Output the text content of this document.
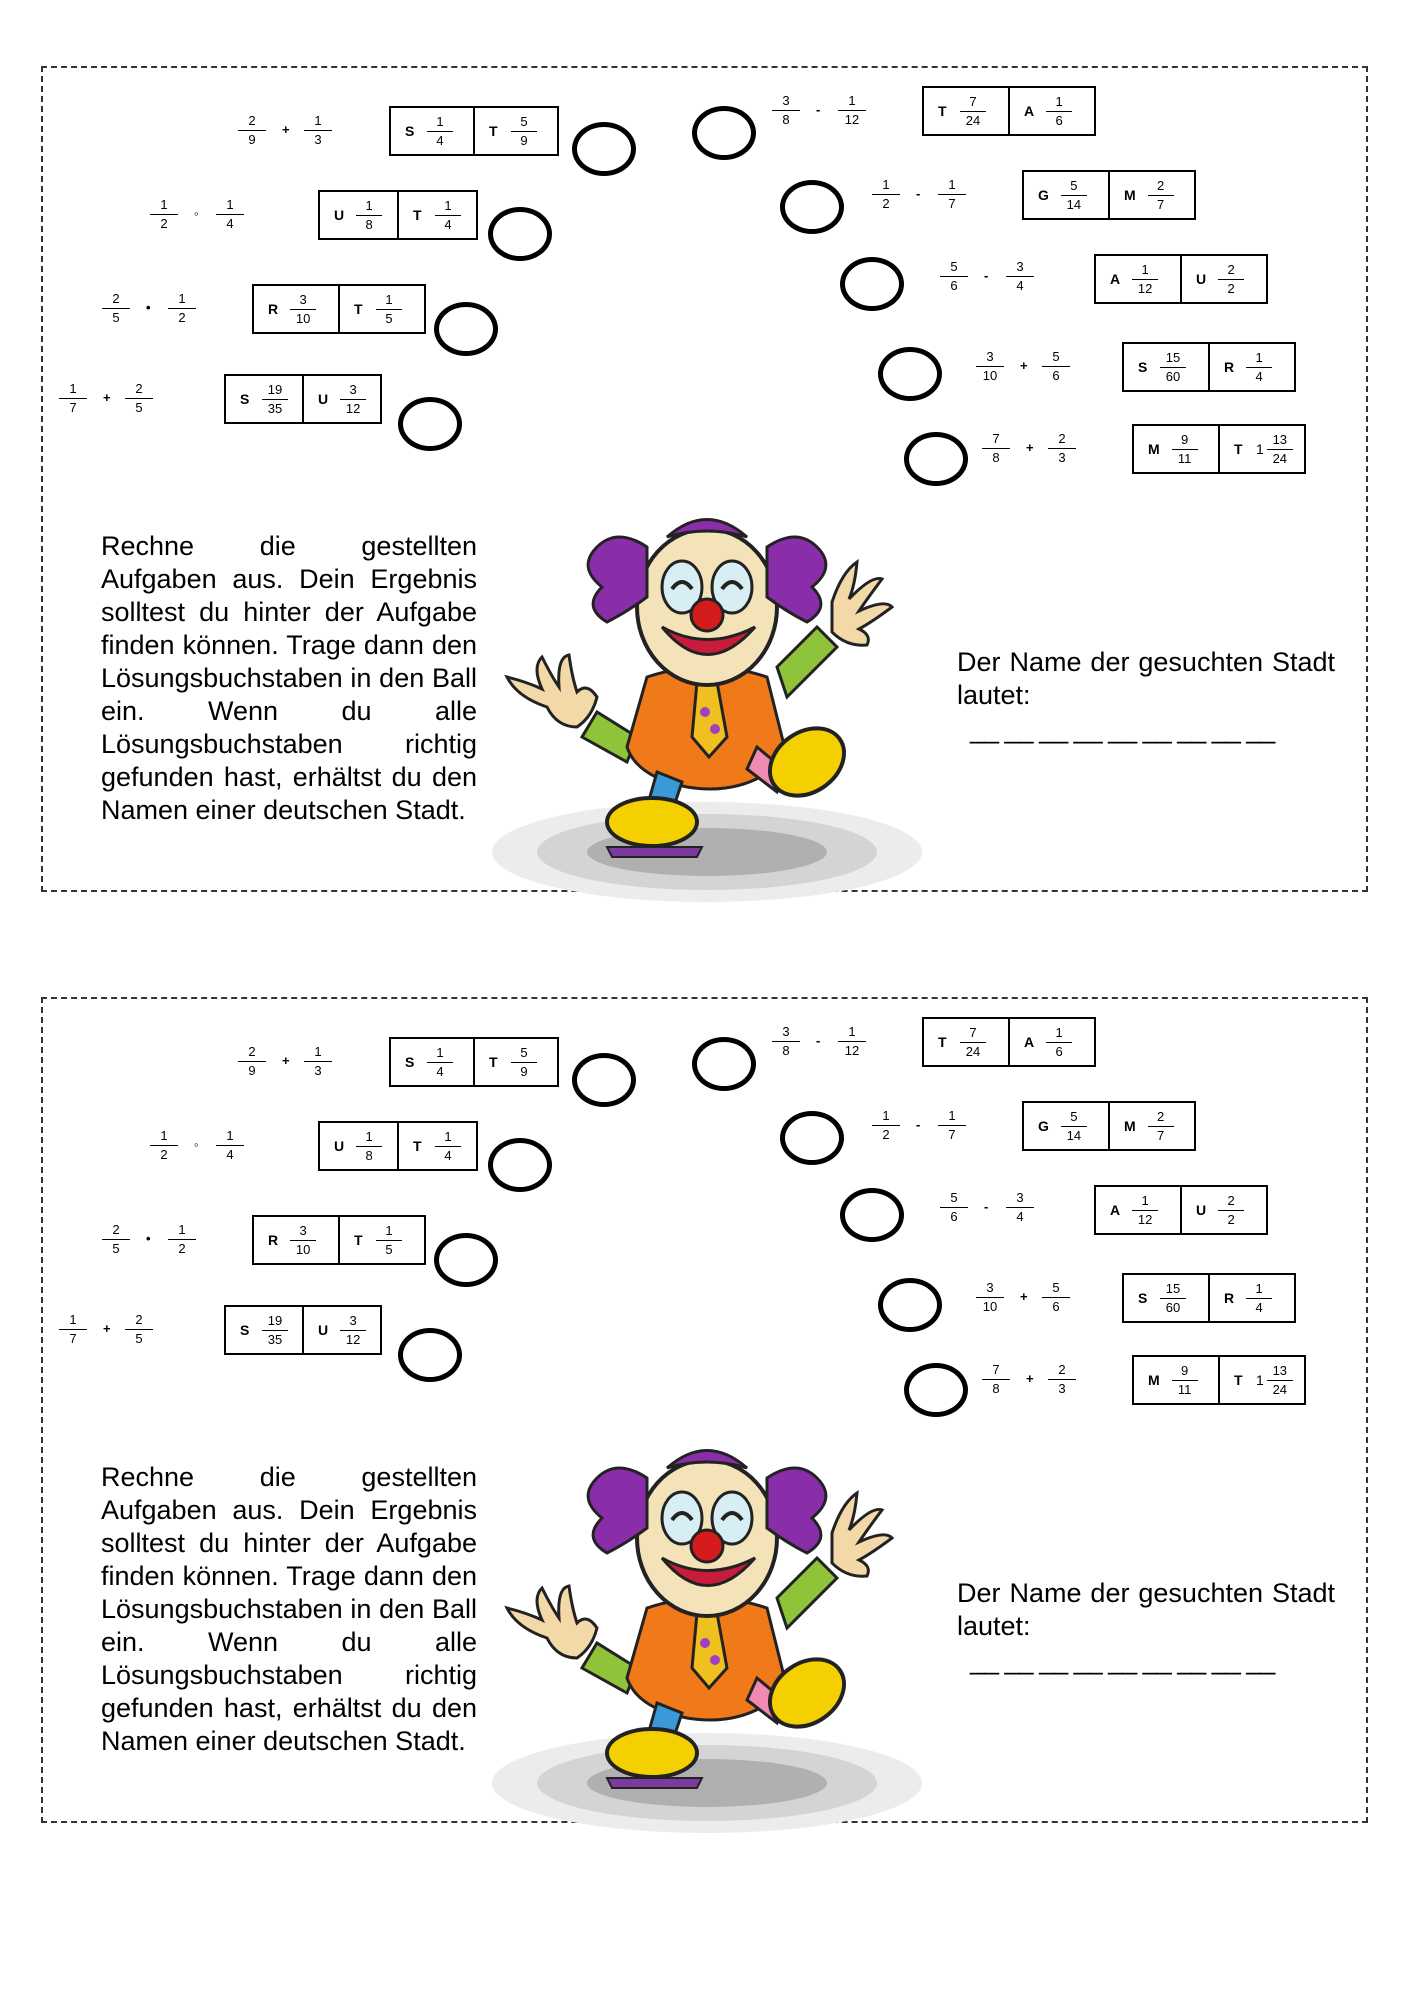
2
9
+
1
3
S
1
4
T
5
9
1
2
◦
1
4
U
1
8
T
1
4
2
5
•
1
2
R
3
10
T
1
5
1
7
+
2
5
S
19
35
U
3
12
3
8
-
1
12
T
7
24
A
1
6
1
2
-
1
7
G
5
14
M
2
7
5
6
-
3
4	A
1
12
U
2
2
3
10
+
5
6
S
15
60
R
1
4
7
8
+
2
3
M
9
11
T 1
13
24
Rechne die gestellten Aufgaben aus. Dein Ergebnis solltest du hinter der Aufgabe finden können. Trage dann den Lösungsbuchstaben in den Ball ein. Wenn du alle Lösungsbuchstaben richtig gefunden hast, erhältst du den Namen einer deutschen Stadt.
Der Name der gesuchten Stadt lautet:
__ __ __ __ __ __ __ __ __
2
9
+
1
3
S
1
4
T
5
9
1
2
◦
1
4
U
1
8
T
1
4
2
5
•
1
2
R
3
10
T
1
5
1
7
+
2
5
S
19
35
U
3
12
3
8
-
1
12
T
7
24
A
1
6
1
2
-
1
7
G
5
14
M
2
7
5
6
-
3
4	A
1
12
U
2
2
3
10
+
5
6
S
15
60
R
1
4
7
8
+
2
3
M
9
11
T 1
13
24
Rechne die gestellten Aufgaben aus. Dein Ergebnis solltest du hinter der Aufgabe finden können. Trage dann den Lösungsbuchstaben in den Ball ein. Wenn du alle Lösungsbuchstaben richtig gefunden hast, erhältst du den Namen einer deutschen Stadt.
Der Name der gesuchten Stadt lautet:
__ __ __ __ __ __ __ __ __
